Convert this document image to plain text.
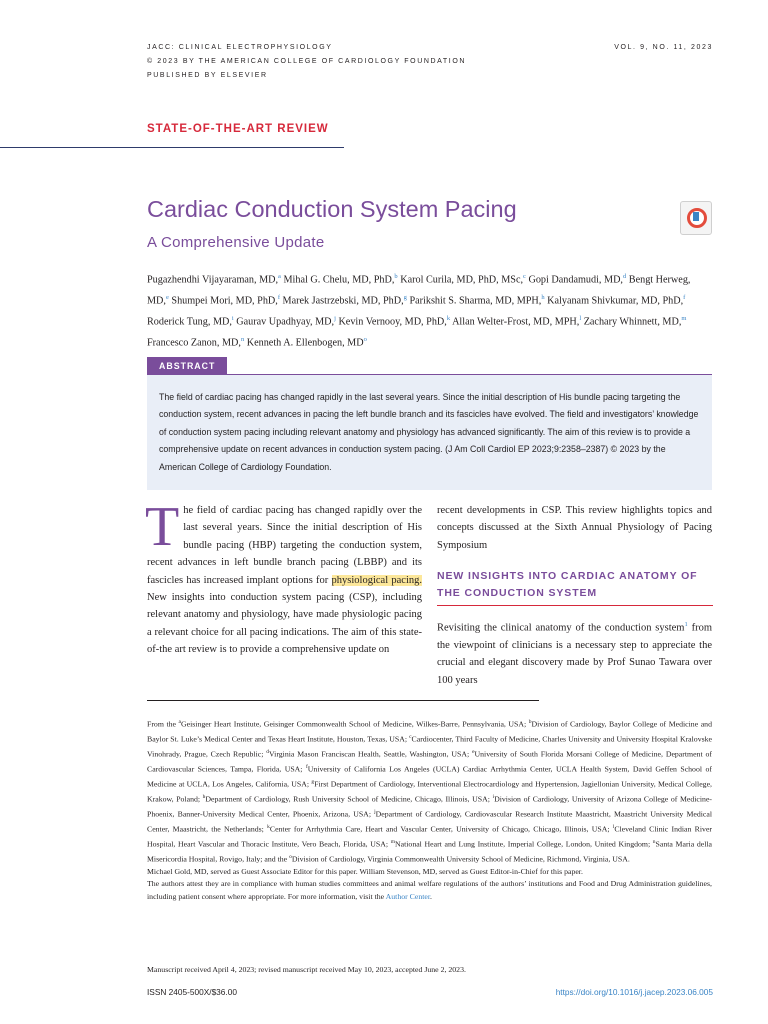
JACC: CLINICAL ELECTROPHYSIOLOGY
© 2023 BY THE AMERICAN COLLEGE OF CARDIOLOGY FOUNDATION
PUBLISHED BY ELSEVIER
VOL. 9, NO. 11, 2023
STATE-OF-THE-ART REVIEW
Cardiac Conduction System Pacing
A Comprehensive Update
Pugazhendhi Vijayaraman, MD,$^a$ Mihal G. Chelu, MD, PhD,$^b$ Karol Curila, MD, PhD, MSc,$^c$ Gopi Dandamudi, MD,$^d$ Bengt Herweg, MD,$^e$ Shumpei Mori, MD, PhD,$^f$ Marek Jastrzebski, MD, PhD,$^g$ Parikshit S. Sharma, MD, MPH,$^h$ Kalyanam Shivkumar, MD, PhD,$^f$ Roderick Tung, MD,$^i$ Gaurav Upadhyay, MD,$^j$ Kevin Vernooy, MD, PhD,$^k$ Allan Welter-Frost, MD, MPH,$^l$ Zachary Whinnett, MD,$^m$ Francesco Zanon, MD,$^n$ Kenneth A. Ellenbogen, $MD^o$
ABSTRACT
The field of cardiac pacing has changed rapidly in the last several years. Since the initial description of His bundle pacing targeting the conduction system, recent advances in pacing the left bundle branch and its fascicles have evolved. The field and investigators’ knowledge of conduction system pacing including relevant anatomy and physiology has advanced significantly. The aim of this review is to provide a comprehensive update on recent advances in conduction system pacing. (J Am Coll Cardiol EP 2023;9:2358–2387) © 2023 by the American College of Cardiology Foundation.
The field of cardiac pacing has changed rapidly over the last several years. Since the initial description of His bundle pacing (HBP) targeting the conduction system, recent advances in left bundle branch pacing (LBBP) and its fascicles has increased implant options for physiological pacing. New insights into conduction system pacing (CSP), including relevant anatomy and physiology, have made physiologic pacing a relevant choice for all pacing indications. The aim of this state-of-the art review is to provide a comprehensive update on
recent developments in CSP. This review highlights topics and concepts discussed at the Sixth Annual Physiology of Pacing Symposium
NEW INSIGHTS INTO CARDIAC ANATOMY OF THE CONDUCTION SYSTEM
Revisiting the clinical anatomy of the conduction system$^1$ from the viewpoint of clinicians is a necessary step to appreciate the crucial and elegant discovery made by Prof Sunao Tawara over 100 years

From the $^a$Geisinger Heart Institute, Geisinger Commonwealth School of Medicine, Wilkes-Barre, Pennsylvania, USA; $^b$Division of Cardiology, Baylor College of Medicine and Baylor St. Luke’s Medical Center and Texas Heart Institute, Houston, Texas, USA; $^c$Cardiocenter, Third Faculty of Medicine, Charles University and University Hospital Kralovske Vinohrady, Prague, Czech Republic; $^d$Virginia Mason Franciscan Health, Seattle, Washington, USA; $^e$University of South Florida Morsani College of Medicine, Department of Cardiovascular Sciences, Tampa, Florida, USA; $^f$University of California Los Angeles (UCLA) Cardiac Arrhythmia Center, UCLA Health System, David Geffen School of Medicine at UCLA, Los Angeles, California, USA; $^g$First Department of Cardiology, Interventional Electrocardiology and Hypertension, Jagiellonian University, Medical College, Krakow, Poland; $^h$Department of Cardiology, Rush University School of Medicine, Chicago, Illinois, USA; $^i$Division of Cardiology, University of Arizona College of Medicine-Phoenix, Banner-University Medical Center, Phoenix, Arizona, USA; $^j$Department of Cardiology, Cardiovascular Research Institute Maastricht, Maastricht University Medical Center, Maastricht, the Netherlands; $^k$Center for Arrhythmia Care, Heart and Vascular Center, University of Chicago, Chicago, Illinois, USA; $^l$Cleveland Clinic Indian River Hospital, Heart Vascular and Thoracic Institute, Vero Beach, Florida, USA; $^m$National Heart and Lung Institute, Imperial College, London, United Kingdom; $^n$Santa Maria della Misericordia Hospital, Rovigo, Italy; and the $^o$Division of Cardiology, Virginia Commonwealth University School of Medicine, Richmond, Virginia, USA.

Michael Gold, MD, served as Guest Associate Editor for this paper. William Stevenson, MD, served as Guest Editor-in-Chief for this paper.

The authors attest they are in compliance with human studies committees and animal welfare regulations of the authors’ institutions and Food and Drug Administration guidelines, including patient consent where appropriate. For more information, visit the Author Center.

Manuscript received April 4, 2023; revised manuscript received May 10, 2023, accepted June 2, 2023.
ISSN 2405-500X/$36.00	https://doi.org/10.1016/j.jacep.2023.06.005
